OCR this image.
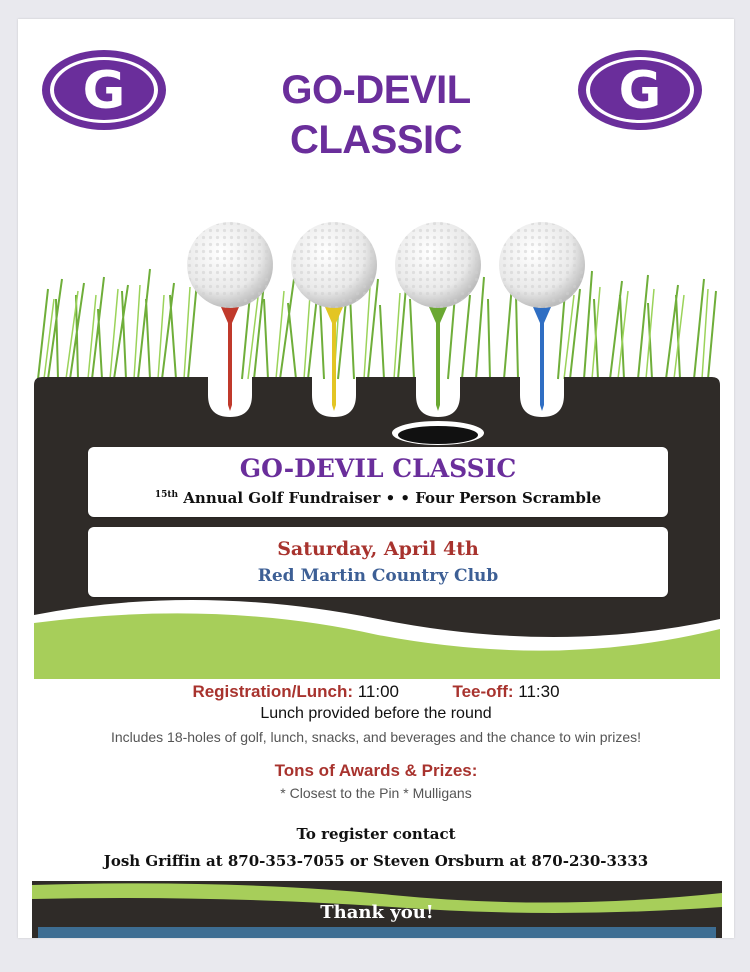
G	G
GO-DEVIL
CLASSIC
GO-DEVIL CLASSIC
$^{15th}$ Annual Golf Fundraiser • • Four Person Scramble
Saturday, April 4th
Red Martin Country Club
Registration/Lunch: 11:00	Tee-off: 11:30
Lunch provided before the round
Includes 18-holes of golf, lunch, snacks, and beverages and the chance to win prizes!
Tons of Awards & Prizes:
* Closest to the Pin * Mulligans
To register contact
Josh Griffin at 870-353-7055 or Steven Orsburn at 870-230-3333
Thank you!
